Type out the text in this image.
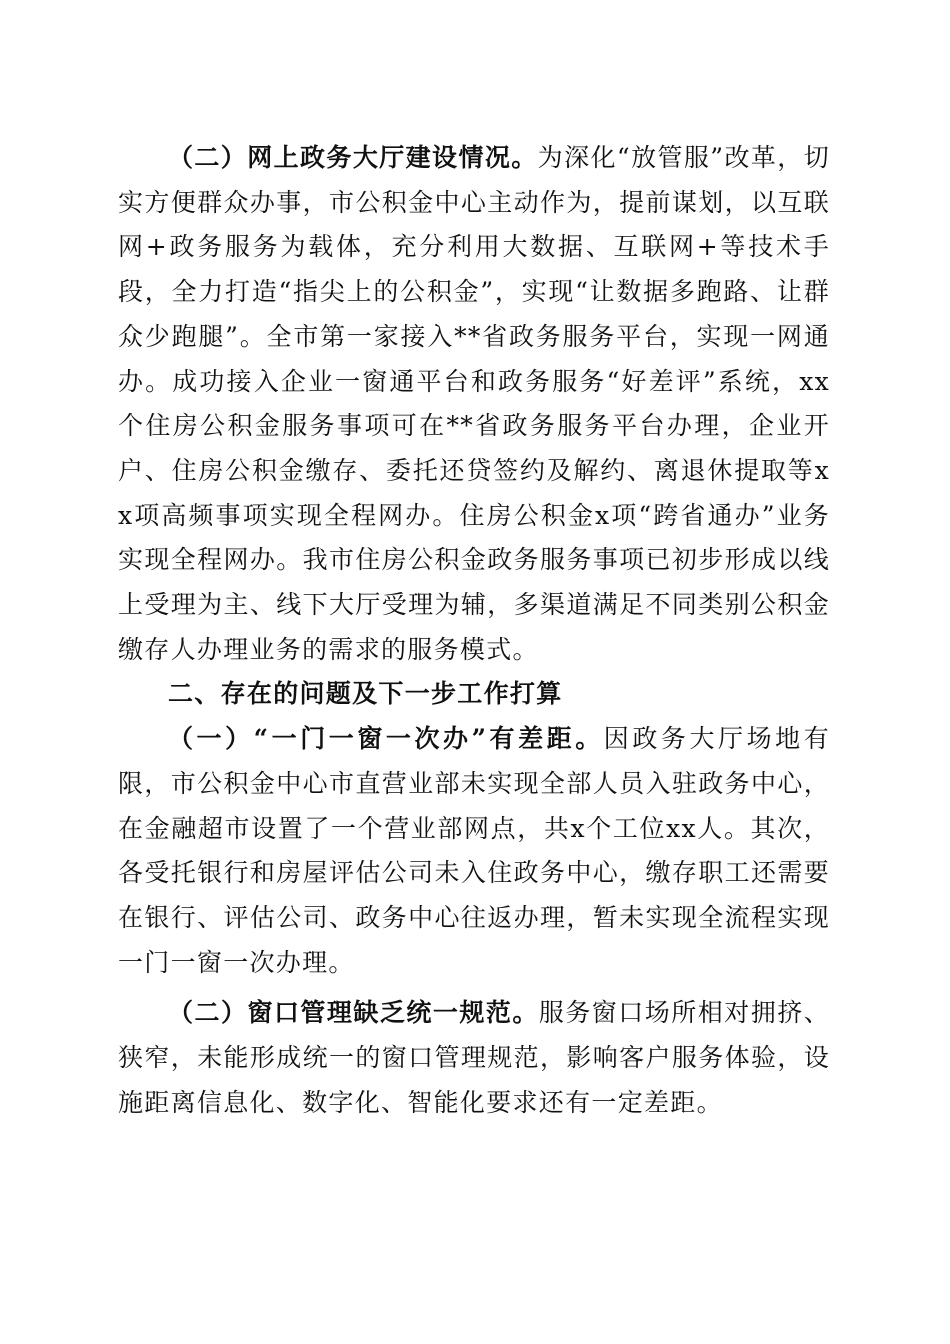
（二）网上政务大厅建设情况。为深化“放管服”改革，切实方便群众办事，市公积金中心主动作为，提前谋划，以互联网+政务服务为载体，充分利用大数据、互联网+等技术手段，全力打造“指尖上的公积金”，实现“让数据多跑路、让群众少跑腿”。全市第一家接入**省政务服务平台，实现一网通办。成功接入企业一窗通平台和政务服务“好差评”系统，xx个住房公积金服务事项可在**省政务服务平台办理，企业开户、住房公积金缴存、委托还贷签约及解约、离退休提取等xx项高频事项实现全程网办。住房公积金x项“跨省通办”业务实现全程网办。我市住房公积金政务服务事项已初步形成以线上受理为主、线下大厅受理为辅，多渠道满足不同类别公积金缴存人办理业务的需求的服务模式。

二、存在的问题及下一步工作打算

（一）“一门一窗一次办”有差距。因政务大厅场地有限，市公积金中心市直营业部未实现全部人员入驻政务中心，在金融超市设置了一个营业部网点，共x个工位xx人。其次，各受托银行和房屋评估公司未入住政务中心，缴存职工还需要在银行、评估公司、政务中心往返办理，暂未实现全流程实现一门一窗一次办理。

（二）窗口管理缺乏统一规范。服务窗口场所相对拥挤、狭窄，未能形成统一的窗口管理规范，影响客户服务体验，设施距离信息化、数字化、智能化要求还有一定差距。
